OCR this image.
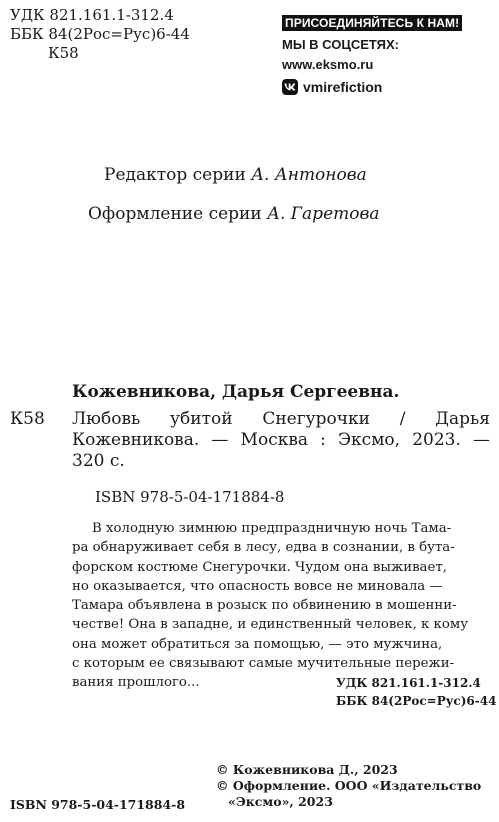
УДК 821.161.1-312.4
ББК 84(2Рос=Рус)6-44
К58
ПРИСОЕДИНЯЙТЕСЬ К НАМ!
МЫ В СОЦСЕТЯХ:
www.eksmo.ru
vmirefiction
Редактор серии А. Антонова
Оформление серии А. Гаретова
Кожевникова, Дарья Сергеевна.
К58 Любовь убитой Снегурочки / Дарья
Кожевникова. — Москва : Эксмо, 2023. —
320 с.
ISBN 978-5-04-171884-8
В холодную зимнюю предпраздничную ночь Тама-
ра обнаруживает себя в лесу, едва в сознании, в бута-
форском костюме Снегурочки. Чудом она выживает,
но оказывается, что опасность вовсе не миновала —
Тамара объявлена в розыск по обвинению в мошенни-
честве! Она в западне, и единственный человек, к кому
она может обратиться за помощью, — это мужчина,
с которым ее связывают самые мучительные пережи-
вания прошлого...	УДК 821.161.1-312.4
ББК 84(2Рос=Рус)6-44
© Кожевникова Д., 2023
© Оформление. ООО «Издательство
«Эксмо», 2023
ISBN 978-5-04-171884-8
